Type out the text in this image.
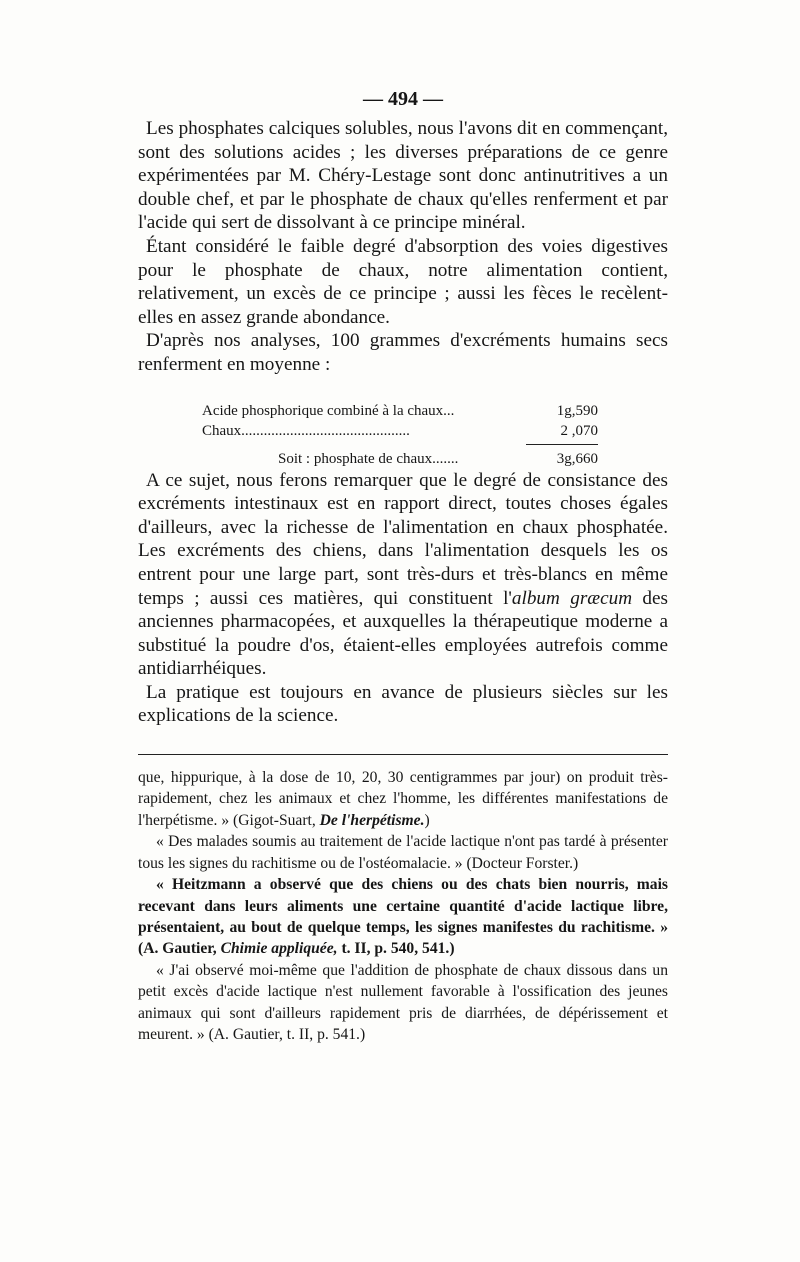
— 494 —

Les phosphates calciques solubles, nous l'avons dit en commençant, sont des solutions acides ; les diverses préparations de ce genre expérimentées par M. Chéry-Lestage sont donc antinutritives a un double chef, et par le phosphate de chaux qu'elles renferment et par l'acide qui sert de dissolvant à ce principe minéral.

Étant considéré le faible degré d'absorption des voies digestives pour le phosphate de chaux, notre alimentation contient, relativement, un excès de ce principe ; aussi les fèces le recèlent-elles en assez grande abondance.

D'après nos analyses, 100 grammes d'excréments humains secs renferment en moyenne :

Acide phosphorique combiné à la chaux...	1g,590
Chaux.............................................	2 ,070
Soit : phosphate de chaux.......	3g,660

A ce sujet, nous ferons remarquer que le degré de consistance des excréments intestinaux est en rapport direct, toutes choses égales d'ailleurs, avec la richesse de l'alimentation en chaux phosphatée. Les excréments des chiens, dans l'alimentation desquels les os entrent pour une large part, sont très-durs et très-blancs en même temps ; aussi ces matières, qui constituent l'album græcum des anciennes pharmacopées, et auxquelles la thérapeutique moderne a substitué la poudre d'os, étaient-elles employées autrefois comme antidiarrhéiques.

La pratique est toujours en avance de plusieurs siècles sur les explications de la science.

que, hippurique, à la dose de 10, 20, 30 centigrammes par jour) on produit très-rapidement, chez les animaux et chez l'homme, les différentes manifestations de l'herpétisme. » (Gigot-Suart, De l'herpétisme.)

« Des malades soumis au traitement de l'acide lactique n'ont pas tardé à présenter tous les signes du rachitisme ou de l'ostéomalacie. » (Docteur Forster.)

« Heitzmann a observé que des chiens ou des chats bien nourris, mais recevant dans leurs aliments une certaine quantité d'acide lactique libre, présentaient, au bout de quelque temps, les signes manifestes du rachitisme. » (A. Gautier, Chimie appliquée, t. II, p. 540, 541.)

« J'ai observé moi-même que l'addition de phosphate de chaux dissous dans un petit excès d'acide lactique n'est nullement favorable à l'ossification des jeunes animaux qui sont d'ailleurs rapidement pris de diarrhées, de dépérissement et meurent. » (A. Gautier, t. II, p. 541.)
